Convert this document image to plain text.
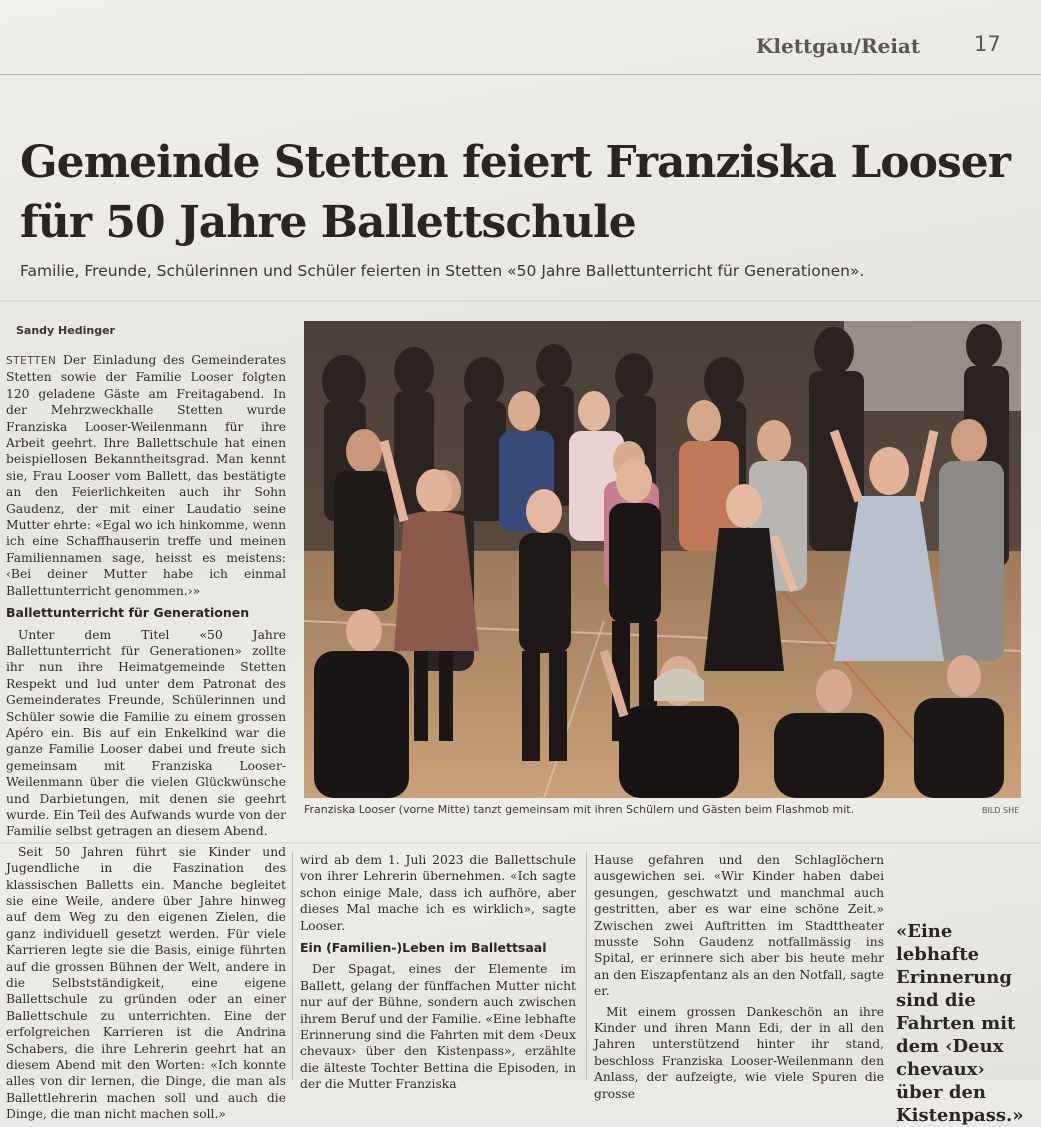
Klettgau/Reiat	17
Gemeinde Stetten feiert Franziska Looser
für 50 Jahre Ballettschule
Familie, Freunde, Schülerinnen und Schüler feierten in Stetten «50 Jahre Ballettunterricht für Generationen».
Sandy Hedinger

STETTEN Der Einladung des Gemeinderates Stetten sowie der Familie Looser folgten 120 geladene Gäste am Freitagabend. In der Mehrzweckhalle Stetten wurde Franziska Looser-Weilenmann für ihre Arbeit geehrt. Ihre Ballettschule hat einen beispiellosen Bekanntheitsgrad. Man kennt sie, Frau Looser vom Ballett, das bestätigte an den Feierlichkeiten auch ihr Sohn Gaudenz, der mit einer Laudatio seine Mutter ehrte: «Egal wo ich hinkomme, wenn ich eine Schaffhauserin treffe und meinen Familiennamen sage, heisst es meistens: ‹Bei deiner Mutter habe ich einmal Ballettunterricht genommen.›»

Ballettunterricht für Generationen

Unter dem Titel «50 Jahre Ballettunterricht für Generationen» zollte ihr nun ihre Heimatgemeinde Stetten Respekt und lud unter dem Patronat des Gemeinderates Freunde, Schülerinnen und Schüler sowie die Familie zu einem grossen Apéro ein. Bis auf ein Enkelkind war die ganze Familie Looser dabei und freute sich gemeinsam mit Franziska Looser-Weilenmann über die vielen Glückwünsche und Darbietungen, mit denen sie geehrt wurde. Ein Teil des Aufwands wurde von der Familie selbst getragen an diesem Abend.

Seit 50 Jahren führt sie Kinder und Jugendliche in die Faszination des klassischen Balletts ein. Manche begleitet sie eine Weile, andere über Jahre hinweg auf dem Weg zu den eigenen Zielen, die ganz individuell gesetzt werden. Für viele Karrieren legte sie die Basis, einige führten auf die grossen Bühnen der Welt, andere in die Selbstständigkeit, eine eigene Ballettschule zu gründen oder an einer Ballettschule zu unterrichten. Eine der erfolgreichen Karrieren ist die Andrina Schabers, die ihre Lehrerin geehrt hat an diesem Abend mit den Worten: «Ich konnte alles von dir lernen, die Dinge, die man als Ballettlehrerin machen soll und auch die Dinge, die man nicht machen soll.»

Franziska Looser (vorne Mitte) tanzt gemeinsam mit ihren Schülern und Gästen beim Flashmob mit.	BILD SHE

wird ab dem 1. Juli 2023 die Ballettschule von ihrer Lehrerin übernehmen. «Ich sagte schon einige Male, dass ich aufhöre, aber dieses Mal mache ich es wirklich», sagte Looser.

Ein (Familien-)Leben im Ballettsaal

Der Spagat, eines der Elemente im Ballett, gelang der fünffachen Mutter nicht nur auf der Bühne, sondern auch zwischen ihrem Beruf und der Familie. «Eine lebhafte Erinnerung sind die Fahrten mit dem ‹Deux chevaux› über den Kistenpass», erzählte die älteste Tochter Bettina die Episoden, in der die Mutter Franziska

Hause gefahren und den Schlaglöchern ausgewichen sei. «Wir Kinder haben dabei gesungen, geschwatzt und manchmal auch gestritten, aber es war eine schöne Zeit.» Zwischen zwei Auftritten im Stadttheater musste Sohn Gaudenz notfallmässig ins Spital, er erinnere sich aber bis heute mehr an den Eiszapfentanz als an den Notfall, sagte er.

Mit einem grossen Dankeschön an ihre Kinder und ihren Mann Edi, der in all den Jahren unterstützend hinter ihr stand, beschloss Franziska Looser-Weilenmann den Anlass, der aufzeigte, wie viele Spuren die grosse

«Eine lebhafte Erinnerung sind die Fahrten mit dem ‹Deux chevaux› über den Kistenpass.»
